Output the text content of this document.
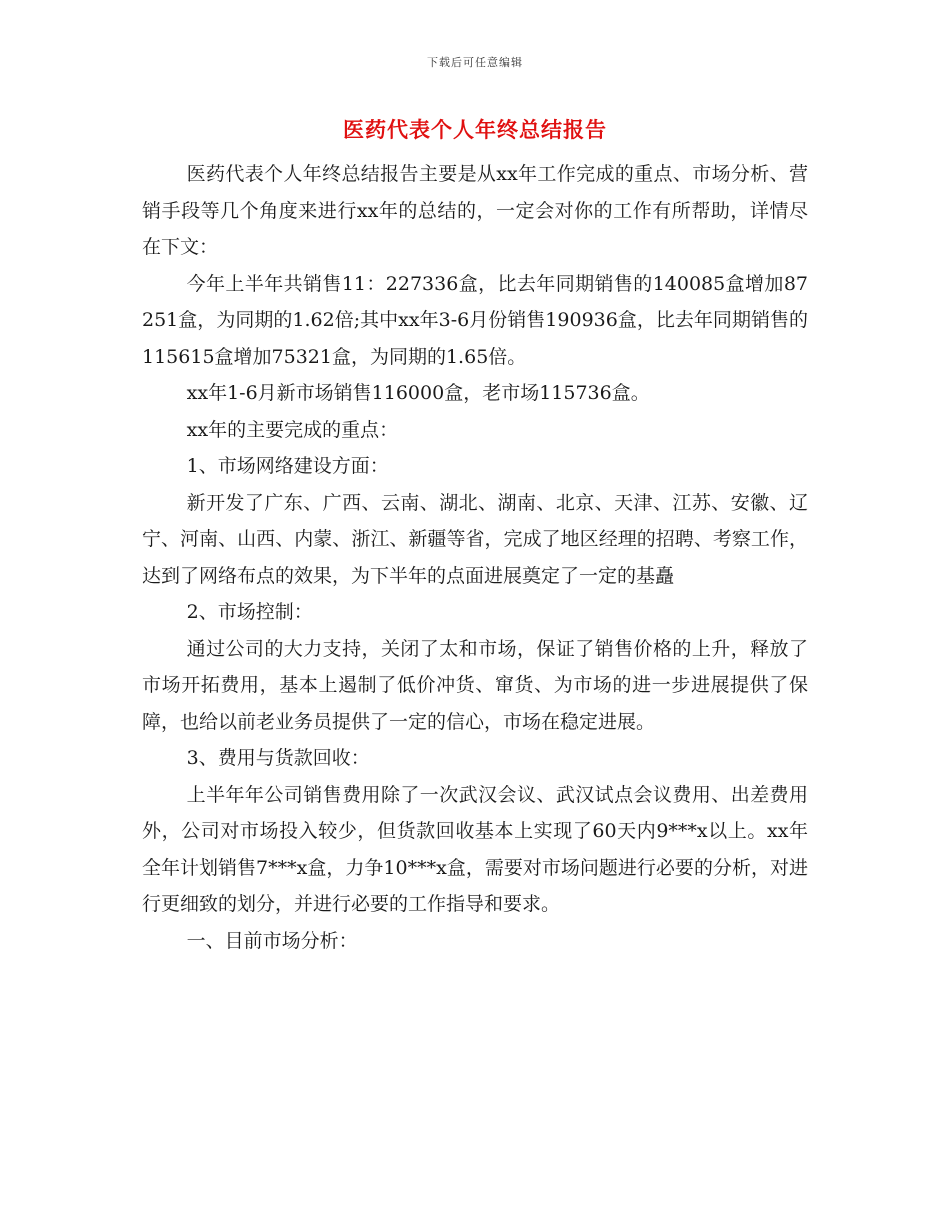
下载后可任意编辑
医药代表个人年终总结报告

医药代表个人年终总结报告主要是从xx年工作完成的重点、市场分析、营销手段等几个角度来进行xx年的总结的，一定会对你的工作有所帮助，详情尽在下文：

今年上半年共销售11：227336盒，比去年同期销售的140085盒增加87251盒，为同期的1.62倍;其中xx年3-6月份销售190936盒，比去年同期销售的115615盒增加75321盒，为同期的1.65倍。

xx年1-6月新市场销售116000盒，老市场115736盒。

xx年的主要完成的重点：

1、市场网络建设方面：

新开发了广东、广西、云南、湖北、湖南、北京、天津、江苏、安徽、辽宁、河南、山西、内蒙、浙江、新疆等省，完成了地区经理的招聘、考察工作，达到了网络布点的效果，为下半年的点面进展奠定了一定的基矗

2、市场控制：

通过公司的大力支持，关闭了太和市场，保证了销售价格的上升，释放了市场开拓费用，基本上遏制了低价冲货、窜货、为市场的进一步进展提供了保障，也给以前老业务员提供了一定的信心，市场在稳定进展。

3、费用与货款回收：

上半年年公司销售费用除了一次武汉会议、武汉试点会议费用、出差费用外，公司对市场投入较少，但货款回收基本上实现了60天内9***x以上。xx年全年计划销售7***x盒，力争10***x盒，需要对市场问题进行必要的分析，对进行更细致的划分，并进行必要的工作指导和要求。

一、目前市场分析：
